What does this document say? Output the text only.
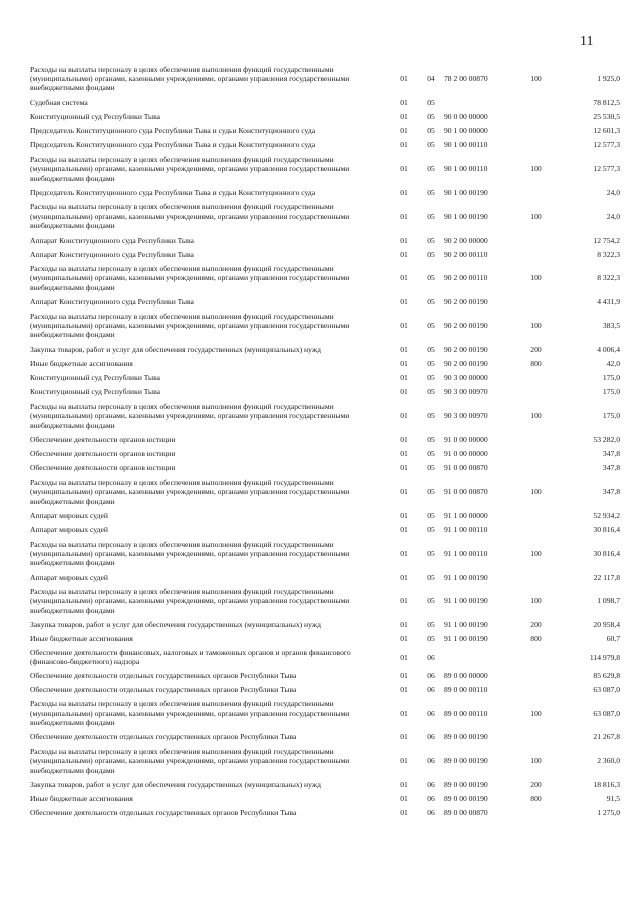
11
Расходы на выплаты персоналу в целях обеспечения выполнения функций государственными (муниципальными) органами, казенными учреждениями, органами управления государственными внебюджетными фондами	01	04	78 2 00 00870	100	1 925,0
Судебная система	01	05			78 812,5
Конституционный суд Республики Тыва	01	05	90 0 00 00000		25 530,5
Председатель Конституционного суда Республики Тыва и судьи Конституционного суда	01	05	90 1 00 00000		12 601,3
Председатель Конституционного суда Республики Тыва и судьи Конституционного суда	01	05	90 1 00 00110		12 577,3
Расходы на выплаты персоналу в целях обеспечения выполнения функций государственными (муниципальными) органами, казенными учреждениями, органами управления государственными внебюджетными фондами	01	05	90 1 00 00110	100	12 577,3
Председатель Конституционного суда Республики Тыва и судьи Конституционного суда	01	05	90 1 00 00190		24,0
Расходы на выплаты персоналу в целях обеспечения выполнения функций государственными (муниципальными) органами, казенными учреждениями, органами управления государственными внебюджетными фондами	01	05	90 1 00 00190	100	24,0
Аппарат Конституционного суда Республики Тыва	01	05	90 2 00 00000		12 754,2
Аппарат Конституционного суда Республики Тыва	01	05	90 2 00 00110		8 322,3
Расходы на выплаты персоналу в целях обеспечения выполнения функций государственными (муниципальными) органами, казенными учреждениями, органами управления государственными внебюджетными фондами	01	05	90 2 00 00110	100	8 322,3
Аппарат Конституционного суда Республики Тыва	01	05	90 2 00 00190		4 431,9
Расходы на выплаты персоналу в целях обеспечения выполнения функций государственными (муниципальными) органами, казенными учреждениями, органами управления государственными внебюджетными фондами	01	05	90 2 00 00190	100	383,5
Закупка товаров, работ и услуг для обеспечения государственных (муниципальных) нужд	01	05	90 2 00 00190	200	4 006,4
Иные бюджетные ассигнования	01	05	90 2 00 00190	800	42,0
Конституционный суд Республики Тыва	01	05	90 3 00 00000		175,0
Конституционный суд Республики Тыва	01	05	90 3 00 00970		175,0
Расходы на выплаты персоналу в целях обеспечения выполнения функций государственными (муниципальными) органами, казенными учреждениями, органами управления государственными внебюджетными фондами	01	05	90 3 00 00970	100	175,0
Обеспечение деятельности органов юстиции	01	05	91 0 00 00000		53 282,0
Обеспечение деятельности органов юстиции	01	05	91 0 00 00000		347,8
Обеспечение деятельности органов юстиции	01	05	91 0 00 00870		347,8
Расходы на выплаты персоналу в целях обеспечения выполнения функций государственными (муниципальными) органами, казенными учреждениями, органами управления государственными внебюджетными фондами	01	05	91 0 00 00870	100	347,8
Аппарат мировых судей	01	05	91 1 00 00000		52 934,2
Аппарат мировых судей	01	05	91 1 00 00110		30 816,4
Расходы на выплаты персоналу в целях обеспечения выполнения функций государственными (муниципальными) органами, казенными учреждениями, органами управления государственными внебюджетными фондами	01	05	91 1 00 00110	100	30 816,4
Аппарат мировых судей	01	05	91 1 00 00190		22 117,8
Расходы на выплаты персоналу в целях обеспечения выполнения функций государственными (муниципальными) органами, казенными учреждениями, органами управления государственными внебюджетными фондами	01	05	91 1 00 00190	100	1 098,7
Закупка товаров, работ и услуг для обеспечения государственных (муниципальных) нужд	01	05	91 1 00 00190	200	20 958,4
Иные бюджетные ассигнования	01	05	91 1 00 00190	800	60,7
Обеспечение деятельности финансовых, налоговых и таможенных органов и органов финансового (финансово-бюджетного) надзора	01	06			114 979,8
Обеспечение деятельности отдельных государственных органов Республики Тыва	01	06	89 0 00 00000		85 629,8
Обеспечение деятельности отдельных государственных органов Республики Тыва	01	06	89 0 00 00110		63 087,0
Расходы на выплаты персоналу в целях обеспечения выполнения функций государственными (муниципальными) органами, казенными учреждениями, органами управления государственными внебюджетными фондами	01	06	89 0 00 00110	100	63 087,0
Обеспечение деятельности отдельных государственных органов Республики Тыва	01	06	89 0 00 00190		21 267,8
Расходы на выплаты персоналу в целях обеспечения выполнения функций государственными (муниципальными) органами, казенными учреждениями, органами управления государственными внебюджетными фондами	01	06	89 0 00 00190	100	2 360,0
Закупка товаров, работ и услуг для обеспечения государственных (муниципальных) нужд	01	06	89 0 00 00190	200	18 816,3
Иные бюджетные ассигнования	01	06	89 0 00 00190	800	91,5
Обеспечение деятельности отдельных государственных органов Республики Тыва	01	06	89 0 00 00870		1 275,0
